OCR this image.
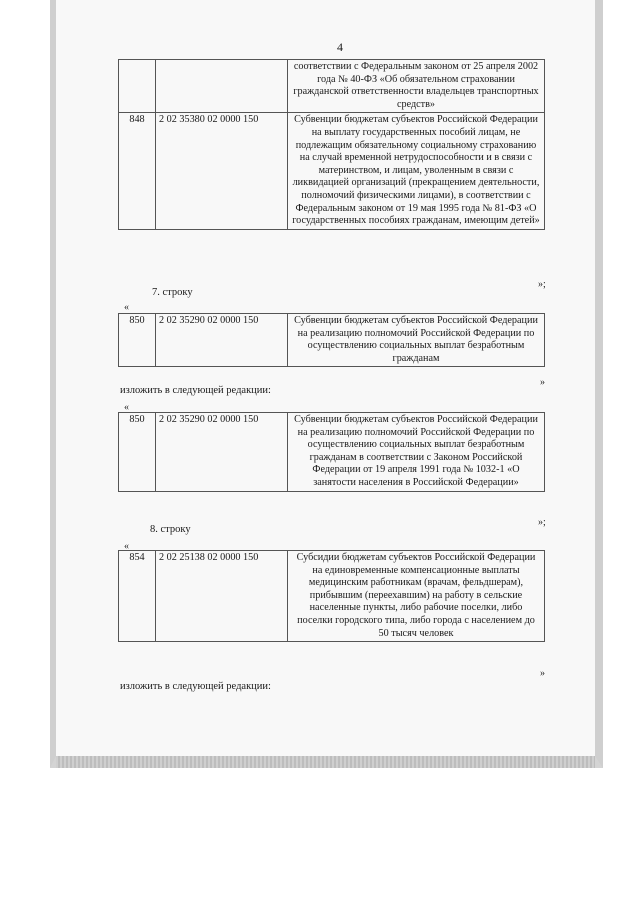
4
		соответствии с Федеральным законом от 25 апреля 2002 года № 40-ФЗ «Об обязательном страховании гражданской ответственности владельцев транспортных средств»
848	2 02 35380 02 0000 150	Субвенции бюджетам субъектов Российской Федерации на выплату государственных пособий лицам, не подлежащим обязательному социальному страхованию на случай временной нетрудоспособности и в связи с материнством, и лицам, уволенным в связи с ликвидацией организаций (прекращением деятельности, полномочий физическими лицами), в соответствии с Федеральным законом от 19 мая 1995 года № 81-ФЗ «О государственных пособиях гражданам, имеющим детей»
»;
7. строку
«
850	2 02 35290 02 0000 150	Субвенции бюджетам субъектов Российской Федерации на реализацию полномочий Российской Федерации по осуществлению социальных выплат безработным гражданам
»
изложить в следующей редакции:
«
850	2 02 35290 02 0000 150	Субвенции бюджетам субъектов Российской Федерации на реализацию полномочий Российской Федерации по осуществлению социальных выплат безработным гражданам в соответствии с Законом Российской Федерации от 19 апреля 1991 года № 1032-1 «О занятости населения в Российской Федерации»
»;
8. строку
«
854	2 02 25138 02 0000 150	Субсидии бюджетам субъектов Российской Федерации на единовременные компенсационные выплаты медицинским работникам (врачам, фельдшерам), прибывшим (переехавшим) на работу в сельские населенные пункты, либо рабочие поселки, либо поселки городского типа, либо города с населением до 50 тысяч человек
»
изложить в следующей редакции:
